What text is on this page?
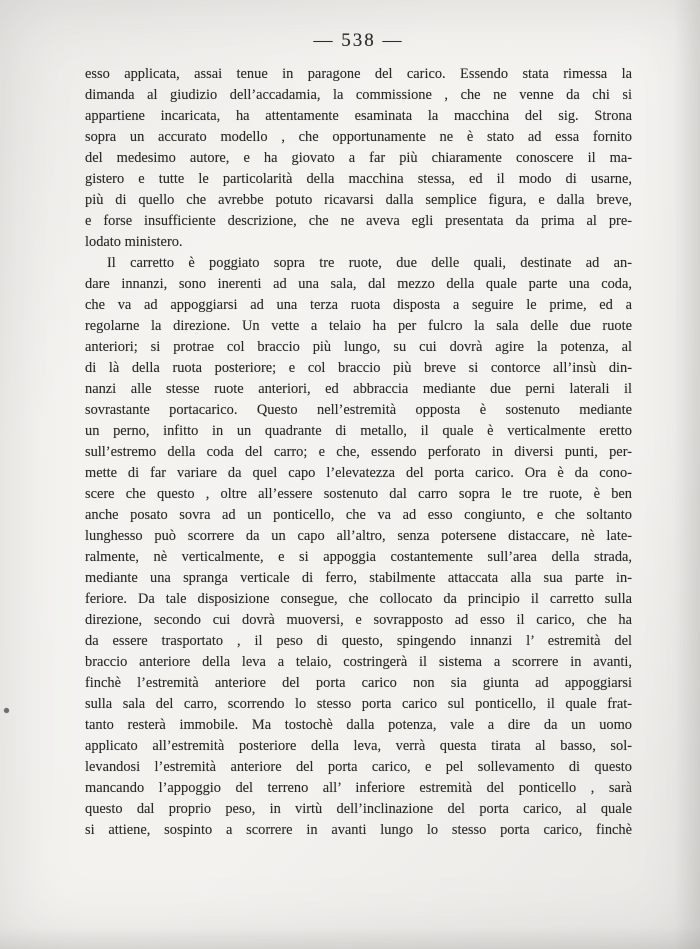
— 538 —
esso applicata, assai tenue in paragone del carico. Essendo stata rimessa la
dimanda al giudizio dell’accadamia, la commissione , che ne venne da chi si
appartiene incaricata, ha attentamente esaminata la macchina del sig. Strona
sopra un accurato modello , che opportunamente ne è stato ad essa fornito
del medesimo autore, e ha giovato a far più chiaramente conoscere il ma-
gistero e tutte le particolarità della macchina stessa, ed il modo di usarne,
più di quello che avrebbe potuto ricavarsi dalla semplice figura, e dalla breve,
e forse insufficiente descrizione, che ne aveva egli presentata da prima al pre-
lodato ministero.
Il carretto è poggiato sopra tre ruote, due delle quali, destinate ad an-
dare innanzi, sono inerenti ad una sala, dal mezzo della quale parte una coda,
che va ad appoggiarsi ad una terza ruota disposta a seguire le prime, ed a
regolarne la direzione. Un vette a telaio ha per fulcro la sala delle due ruote
anteriori; si protrae col braccio più lungo, su cui dovrà agire la potenza, al
di là della ruota posteriore; e col braccio più breve si contorce all’insù din-
nanzi alle stesse ruote anteriori, ed abbraccia mediante due perni laterali il
sovrastante portacarico. Questo nell’estremità opposta è sostenuto mediante
un perno, infitto in un quadrante di metallo, il quale è verticalmente eretto
sull’estremo della coda del carro; e che, essendo perforato in diversi punti, per-
mette di far variare da quel capo l’elevatezza del porta carico. Ora è da cono-
scere che questo , oltre all’essere sostenuto dal carro sopra le tre ruote, è ben
anche posato sovra ad un ponticello, che va ad esso congiunto, e che soltanto
lunghesso può scorrere da un capo all’altro, senza potersene distaccare, nè late-
ralmente, nè verticalmente, e si appoggia costantemente sull’area della strada,
mediante una spranga verticale di ferro, stabilmente attaccata alla sua parte in-
feriore. Da tale disposizione consegue, che collocato da principio il carretto sulla
direzione, secondo cui dovrà muoversi, e sovrapposto ad esso il carico, che ha
da essere trasportato , il peso di questo, spingendo innanzi l’ estremità del
braccio anteriore della leva a telaio, costringerà il sistema a scorrere in avanti,
finchè l’estremità anteriore del porta carico non sia giunta ad appoggiarsi
sulla sala del carro, scorrendo lo stesso porta carico sul ponticello, il quale frat-
tanto resterà immobile. Ma tostochè dalla potenza, vale a dire da un uomo
applicato all’estremità posteriore della leva, verrà questa tirata al basso, sol-
levandosi l’estremità anteriore del porta carico, e pel sollevamento di questo
mancando l’appoggio del terreno all’ inferiore estremità del ponticello , sarà
questo dal proprio peso, in virtù dell’inclinazione del porta carico, al quale
si attiene, sospinto a scorrere in avanti lungo lo stesso porta carico, finchè
